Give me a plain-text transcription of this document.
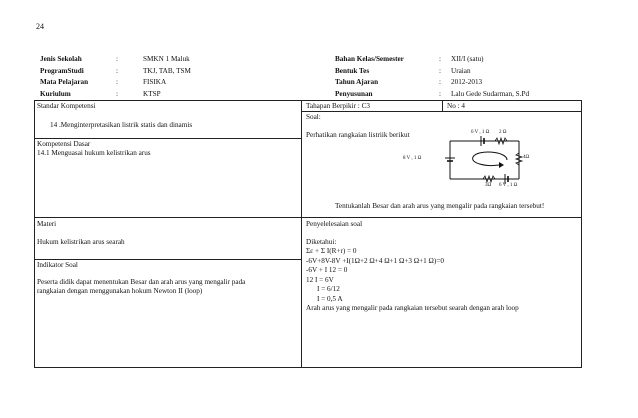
24
Jenis Sekolah	:	SMKN 1 Maluk
ProgramStudi	:	TKJ, TAB, TSM
Mata Pelajaran	:	FISIKA
Kuriulum	:	KTSP
Bahan Kelas/Semester	:	XII/I (satu)
Bentuk Tes	:	Uraian
Tahun Ajaran	:	2012-2013
Penyusunan	:	Lalu Gede Sudarman, S.Pd
Standar Kompetensi
14 .Menginterpretasikan listrik statis dan dinamis
Kompetensi Dasar
14.1 Menguasai hukum kelistrikan arus
Tahapan Berpikir : C3	No : 4
Soal:
Perhatikan rangkaian listriik berikut
Tentukanlah Besar dan arah arus yang mengalir pada rangkaian tersebut!
6 V , 1 Ω 2 Ω
8 V , 1 Ω	4Ω
3Ω 6 V , 1 Ω
Materi
Hukum kelistrikan arus searah
Indikator Soal
Peserta didik dapat menentukan Besar dan arah arus yang mengalir pada
rangkaian dengan menggunakan hokum Newton II (loop)
Penyelelesaian soal
Diketahui:
Σε + Σ I(R+r) = 0
-6V+8V-8V +I(1Ω+2 Ω+4 Ω+1 Ω+3 Ω+1 Ω)=0
-6V + I 12 = 0
12 I = 6V
I = 6/12
I = 0,5 A
Arah arus yang mengalir pada rangkaian tersebut searah dengan arah loop
